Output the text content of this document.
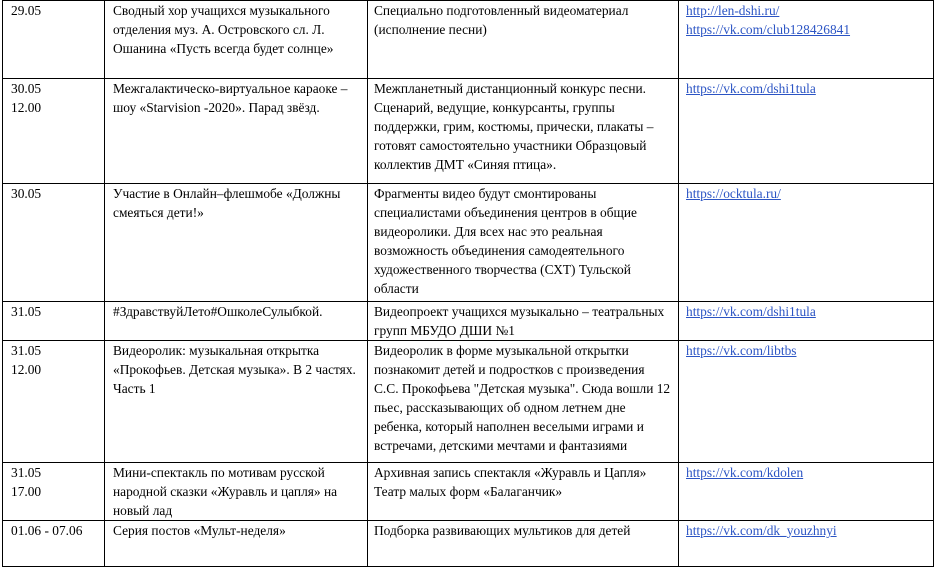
29.05	Сводный хор учащихся музыкального отделения муз. А. Островского сл. Л. Ошанина «Пусть всегда будет солнце»	Специально подготовленный видеоматериал (исполнение песни)	http://len-dshi.ru/
https://vk.com/club128426841

30.05
12.00	Межгалактическо-виртуальное караоке – шоу «Starvision -2020». Парад звёзд.	Межпланетный дистанционный конкурс песни. Сценарий, ведущие, конкурсанты, группы поддержки, грим, костюмы, прически, плакаты – готовят самостоятельно участники Образцовый коллектив ДМТ «Синяя птица».	https://vk.com/dshi1tula

30.05	Участие в Онлайн–флешмобе «Должны смеяться дети!»	Фрагменты видео будут смонтированы специалистами объединения центров в общие видеоролики. Для всех нас это реальная возможность объединения самодеятельного художественного творчества (СХТ) Тульской области	https://ocktula.ru/

31.05	#ЗдравствуйЛето#ОшколеСулыбкой.	Видеопроект учащихся музыкально – театральных групп МБУДО ДШИ №1	https://vk.com/dshi1tula

31.05
12.00	Видеоролик: музыкальная открытка «Прокофьев. Детская музыка». В 2 частях. Часть 1	Видеоролик в форме музыкальной открытки познакомит детей и подростков с произведения С.С. Прокофьева "Детская музыка". Сюда вошли 12 пьес, рассказывающих об одном летнем дне ребенка, который наполнен веселыми играми и встречами, детскими мечтами и фантазиями	https://vk.com/libtbs

31.05
17.00	Мини-спектакль по мотивам русской народной сказки «Журавль и цапля» на новый лад	Архивная запись спектакля «Журавль и Цапля»
Театр малых форм «Балаганчик»	https://vk.com/kdolen

01.06 - 07.06	Серия постов «Мульт-неделя»	Подборка развивающих мультиков для детей	https://vk.com/dk_youzhnyi
